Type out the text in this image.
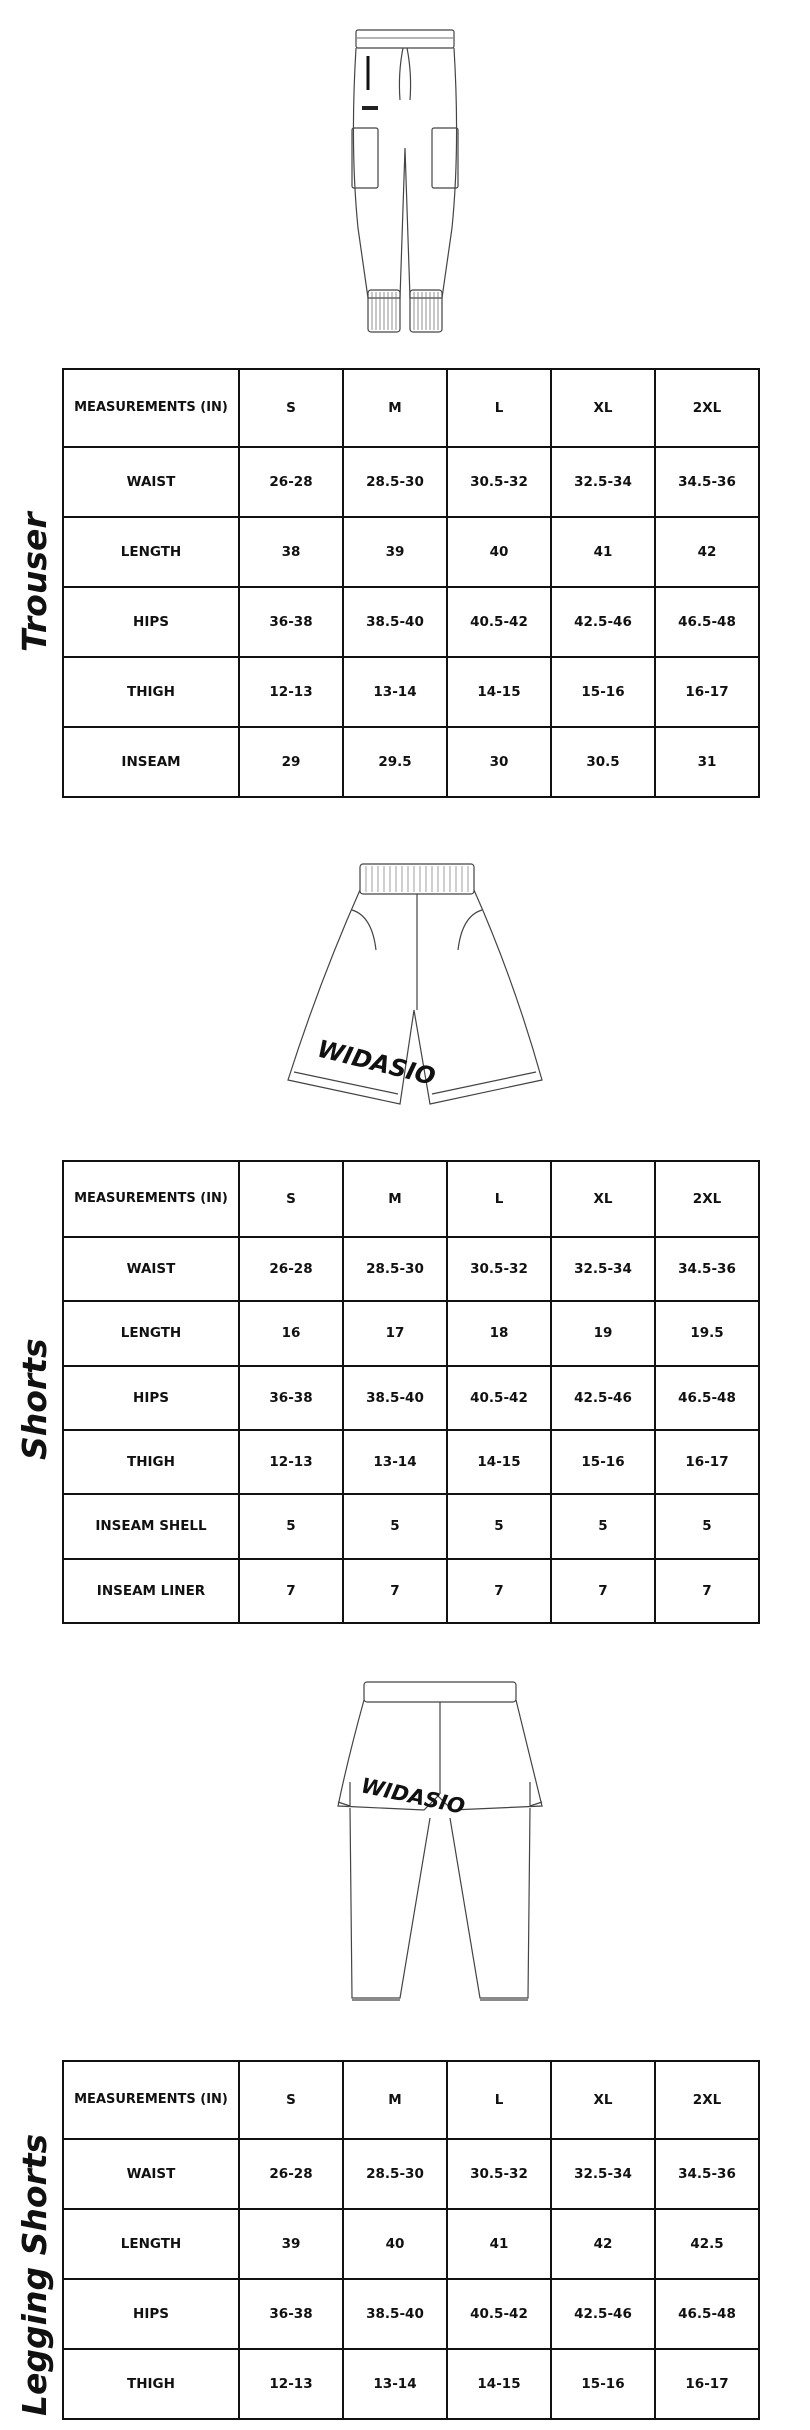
Trouser
MEASUREMENTS (IN)	S	M	L	XL	2XL
WAIST	26-28	28.5-30	30.5-32	32.5-34	34.5-36
LENGTH	38	39	40	41	42
HIPS	36-38	38.5-40	40.5-42	42.5-46	46.5-48
THIGH	12-13	13-14	14-15	15-16	16-17
INSEAM	29	29.5	30	30.5	31
WIDASIO
Shorts
MEASUREMENTS (IN)	S	M	L	XL	2XL
WAIST	26-28	28.5-30	30.5-32	32.5-34	34.5-36
LENGTH	16	17	18	19	19.5
HIPS	36-38	38.5-40	40.5-42	42.5-46	46.5-48
THIGH	12-13	13-14	14-15	15-16	16-17
INSEAM SHELL	5	5	5	5	5
INSEAM LINER	7	7	7	7	7
WIDASIO
Legging Shorts
MEASUREMENTS (IN)	S	M	L	XL	2XL
WAIST	26-28	28.5-30	30.5-32	32.5-34	34.5-36
LENGTH	39	40	41	42	42.5
HIPS	36-38	38.5-40	40.5-42	42.5-46	46.5-48
THIGH	12-13	13-14	14-15	15-16	16-17
